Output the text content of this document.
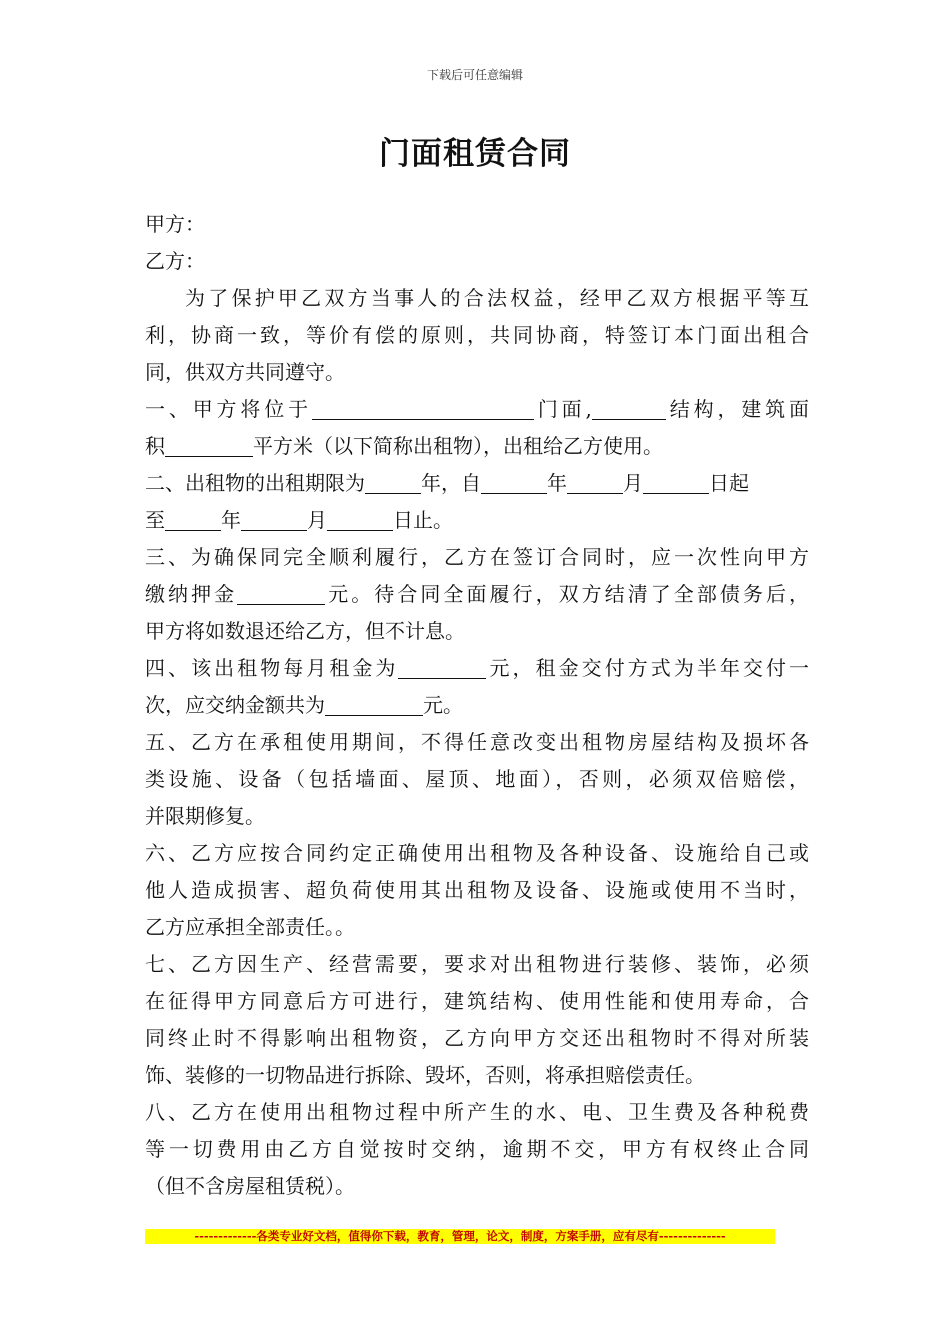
下载后可任意编辑
门面租赁合同
甲方：
乙方：
为了保护甲乙双方当事人的合法权益，经甲乙双方根据平等互
利，协商一致，等价有偿的原则，共同协商，特签订本门面出租合
同，供双方共同遵守。
一、甲方将位于	门面,	结构，建筑面
积	平方米（以下简称出租物），出租给乙方使用。
二、出租物的出租期限为	年，自	年	月	日起
至	年	月	日止。
三、为确保同完全顺利履行，乙方在签订合同时，应一次性向甲方
缴纳押金	元。待合同全面履行，双方结清了全部债务后，
甲方将如数退还给乙方，但不计息。
四、该出租物每月租金为	元，租金交付方式为半年交付一
次，应交纳金额共为	元。
五、乙方在承租使用期间，不得任意改变出租物房屋结构及损坏各
类设施、设备（包括墙面、屋顶、地面），否则，必须双倍赔偿，
并限期修复。
六、乙方应按合同约定正确使用出租物及各种设备、设施给自己或
他人造成损害、超负荷使用其出租物及设备、设施或使用不当时，
乙方应承担全部责任。。
七、乙方因生产、经营需要，要求对出租物进行装修、装饰，必须
在征得甲方同意后方可进行，建筑结构、使用性能和使用寿命，合
同终止时不得影响出租物资，乙方向甲方交还出租物时不得对所装
饰、装修的一切物品进行拆除、毁坏，否则，将承担赔偿责任。
八、乙方在使用出租物过程中所产生的水、电、卫生费及各种税费
等一切费用由乙方自觉按时交纳，逾期不交，甲方有权终止合同
（但不含房屋租赁税）。
-------------各类专业好文档，值得你下载，教育，管理，论文，制度，方案手册，应有尽有--------------
